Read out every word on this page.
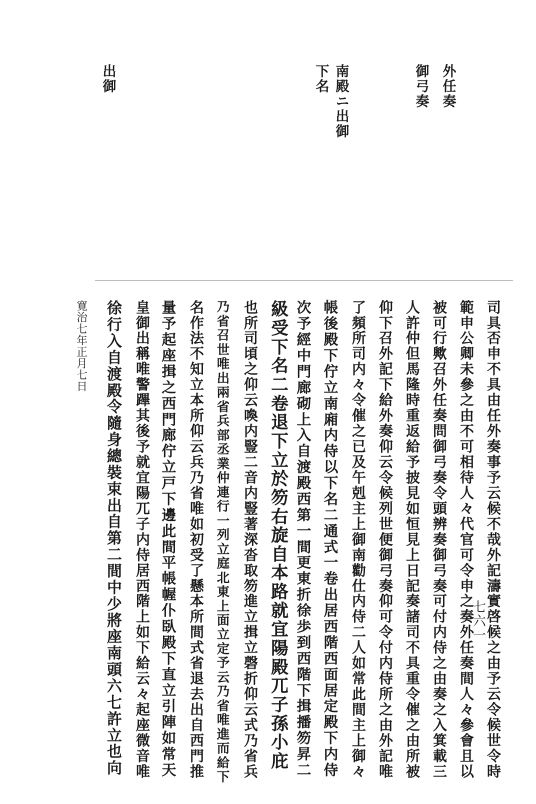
外任奏
御弓奏
南殿ニ出御
下名
出御
司具否申不具由任外奏事予云候不哉外記濤實啓候之由予云令候世令時
範申公卿未參之由不可相待人々代官可令申之奏外任奏間人々參會且以
被可行歟召外任奏問御弓奏令頭辨奏御弓奏可付内侍之由奏之入箕載三
人許仲但馬隆時重返給予披見如恒見上日記奏諸司不具重令催之由所被
仰下召外記下給外奏仰云令候列世便御弓奏仰可令付内侍所之由外記唯
了頻所司内々令催之已及午剋主上御南勸仕内侍二人如常此間主上御々
帳後殿下佇立南廂内侍以下名二通式一卷出居西階西面居定殿下内侍
次予經中門廊砌上入自渡殿西第一間更東折徐歩到西階下揖播笏昇二
級受下名二卷退下立於笏右旋自本路就宜陽殿兀子孫小庇
也所司頃之仰云喚内豎二音内豎著深沓取笏進立揖立磬折仰云式乃省兵
乃省召世唯出兩省兵部丞業仲連行一列立庭北東上面立定予云乃省唯進而給下
名作法不知立本所仰云兵乃省唯如初受了懸本所間式省退去出自西門推
量予起座揖之西門廊佇立戸下邊此間平帳幄仆臥殿下直立引陣如常天
皇御出稱唯警蹕其後予就宜陽兀子内侍居西階上如下給云々起座微音唯
徐行入自渡殿令隨身總裝束出自第二間中少將座南頭六七許立也向
寛治七年正月七日
七六一
